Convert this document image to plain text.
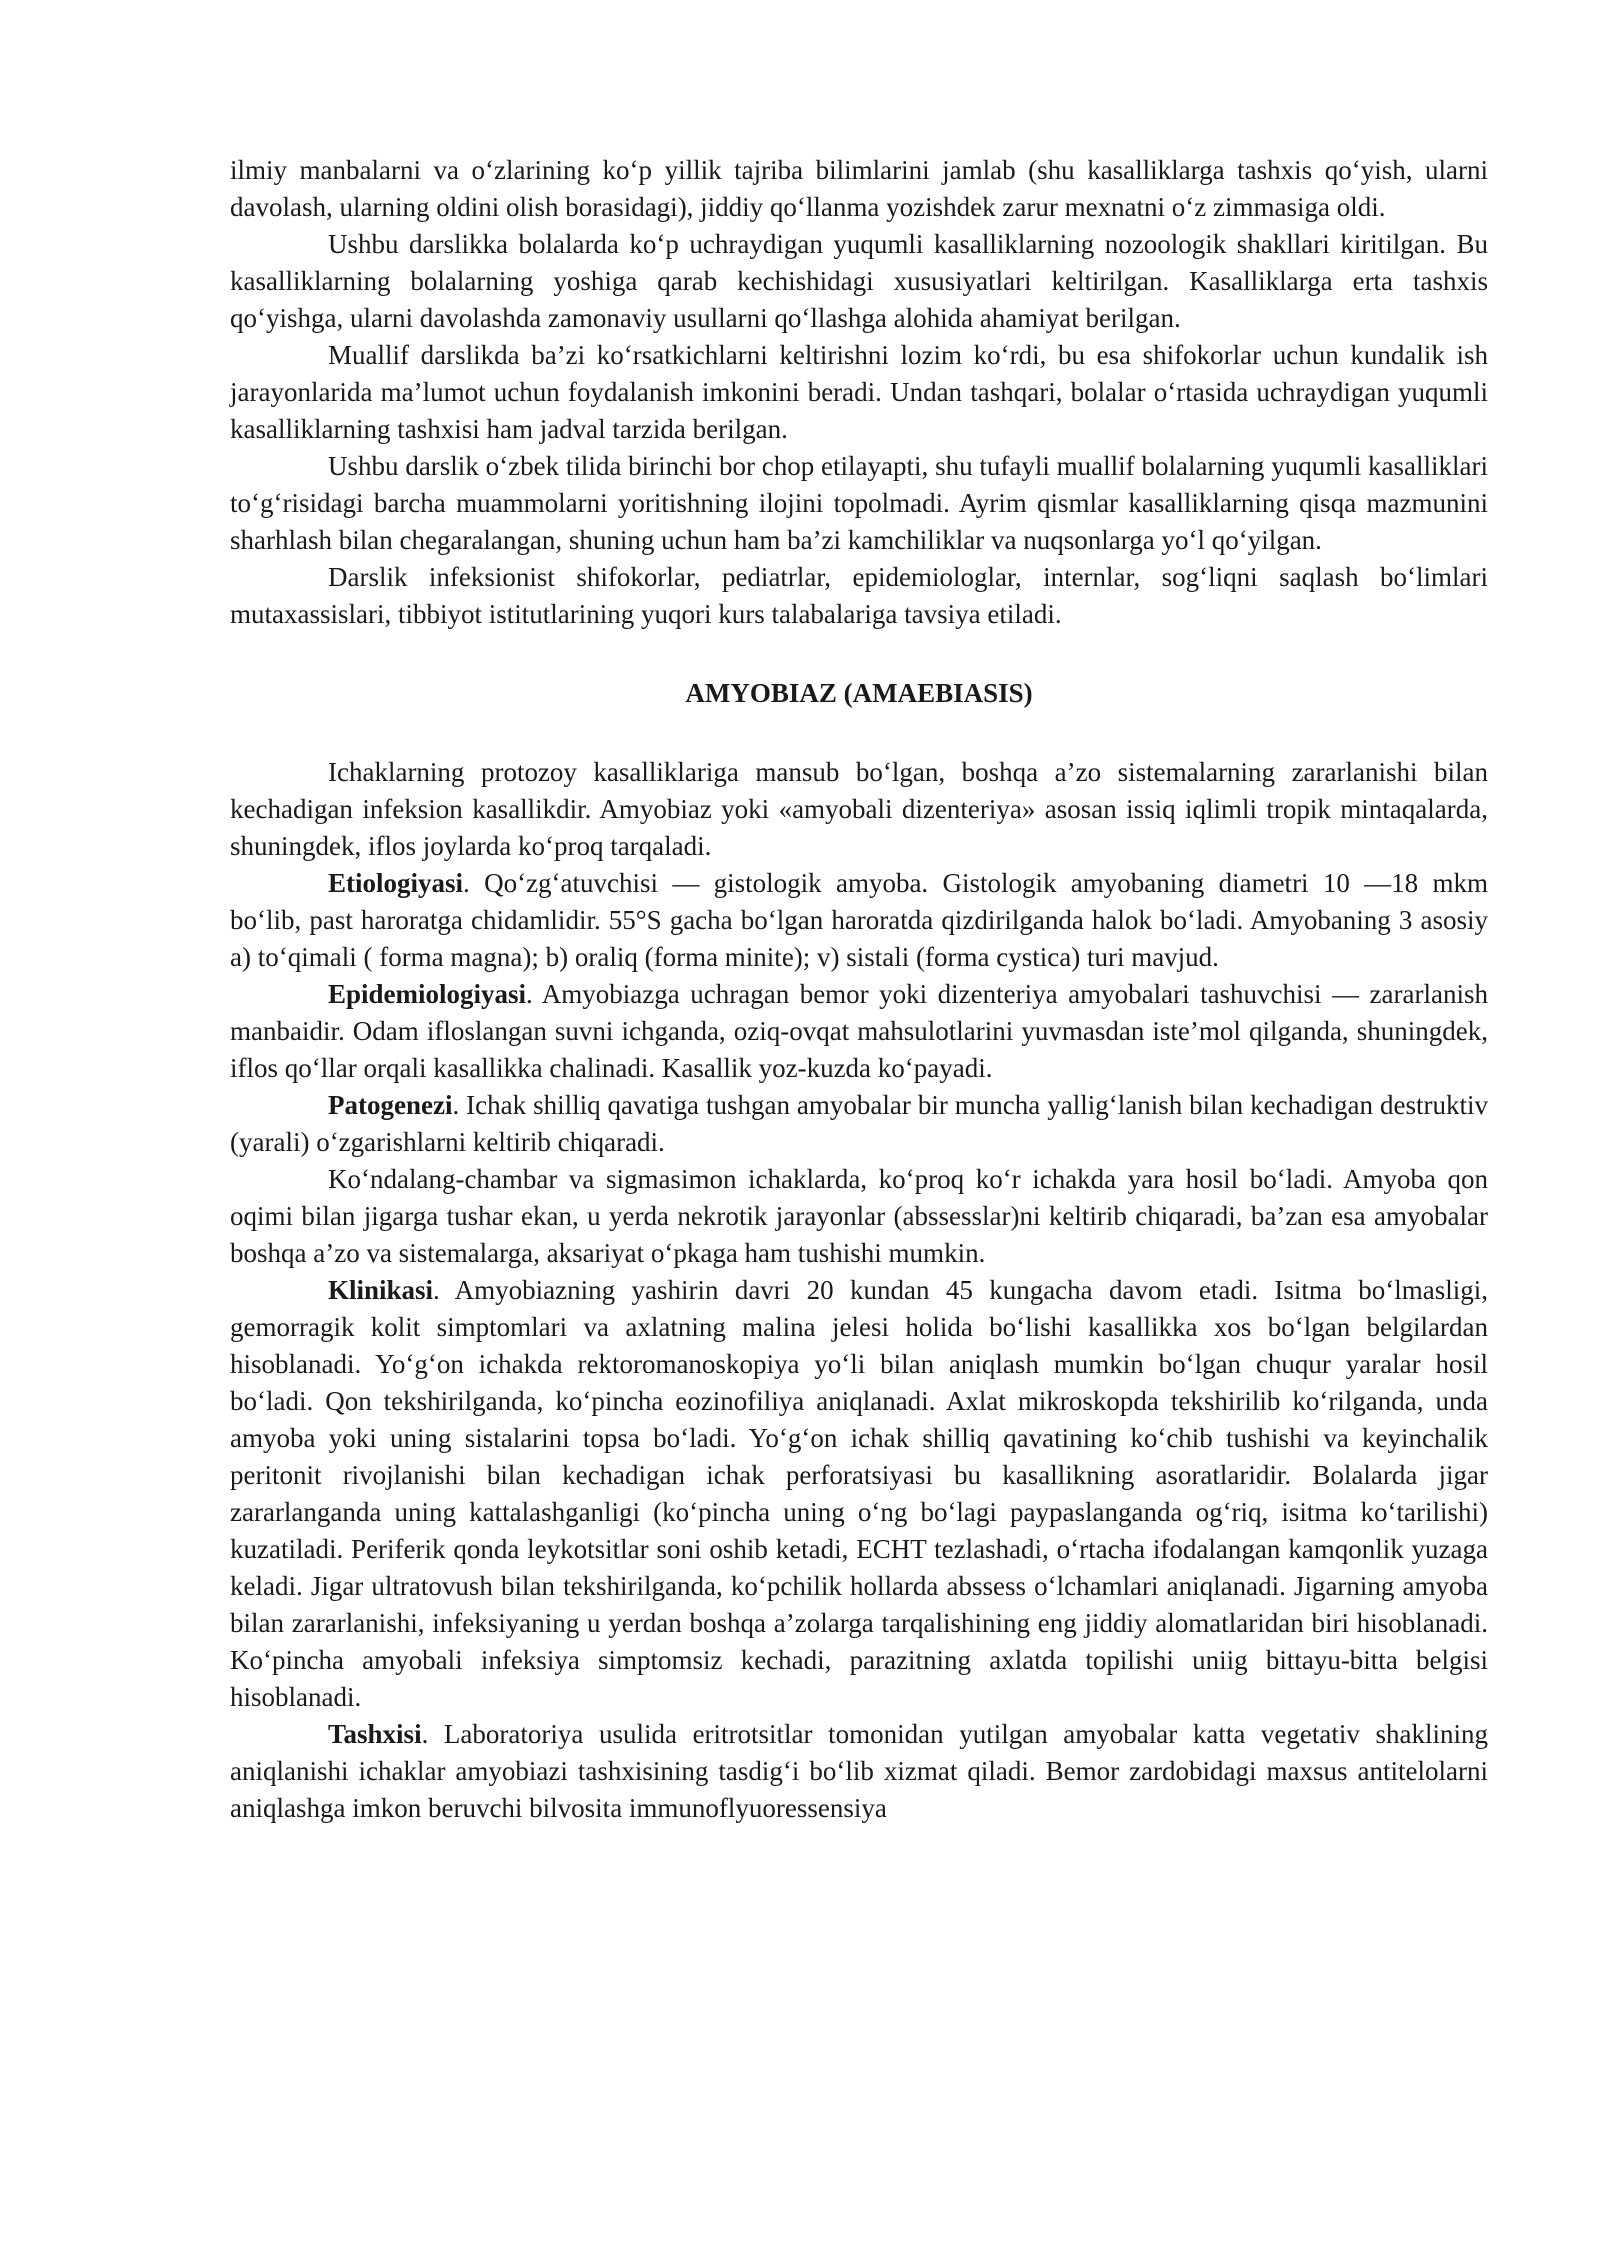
ilmiy manbalarni va o‘zlarining ko‘p yillik tajriba bilimlarini jamlab (shu kasalliklarga tashxis qo‘yish, ularni davolash, ularning oldini olish borasidagi), jiddiy qo‘llanma yozishdek zarur mexnatni o‘z zimmasiga oldi.

Ushbu darslikka bolalarda ko‘p uchraydigan yuqumli kasalliklarning nozoologik shakllari kiritilgan. Bu kasalliklarning bolalarning yoshiga qarab kechishidagi xususiyatlari keltirilgan. Kasalliklarga erta tashxis qo‘yishga, ularni davolashda zamonaviy usullarni qo‘llashga alohida ahamiyat berilgan.

Muallif darslikda ba’zi ko‘rsatkichlarni keltirishni lozim ko‘rdi, bu esa shifokorlar uchun kundalik ish jarayonlarida ma’lumot uchun foydalanish imkonini beradi. Undan tashqari, bolalar o‘rtasida uchraydigan yuqumli kasalliklarning tashxisi ham jadval tarzida berilgan.

Ushbu darslik o‘zbek tilida birinchi bor chop etilayapti, shu tufayli muallif bolalarning yuqumli kasalliklari to‘g‘risidagi barcha muammolarni yoritishning ilojini topolmadi. Ayrim qismlar kasalliklarning qisqa mazmunini sharhlash bilan chegaralangan, shuning uchun ham ba’zi kamchiliklar va nuqsonlarga yo‘l qo‘yilgan.

Darslik infeksionist shifokorlar, pediatrlar, epidemiologlar, internlar, sog‘liqni saqlash bo‘limlari mutaxassislari, tibbiyot istitutlarining yuqori kurs talabalariga tavsiya etiladi.

AMYOBIAZ (AMAEBIASIS)

Ichaklarning protozoy kasalliklariga mansub bo‘lgan, boshqa a’zo sistemalarning zararlanishi bilan kechadigan infeksion kasallikdir. Amyobiaz yoki «amyobali dizenteriya» asosan issiq iqlimli tropik mintaqalarda, shuningdek, iflos joylarda ko‘proq tarqaladi.

Etiologiyasi. Qo‘zg‘atuvchisi — gistologik amyoba. Gistologik amyobaning diametri 10 —18 mkm bo‘lib, past haroratga chidamlidir. 55°S gacha bo‘lgan haroratda qizdirilganda halok bo‘ladi. Amyobaning 3 asosiy a) to‘qimali ( forma magna); b) oraliq (forma minite); v) sistali (forma cystica) turi mavjud.

Epidemiologiyasi. Amyobiazga uchragan bemor yoki dizenteriya amyobalari tashuvchisi — zararlanish manbaidir. Odam ifloslangan suvni ichganda, oziq-ovqat mahsulotlarini yuvmasdan iste’mol qilganda, shuningdek, iflos qo‘llar orqali kasallikka chalinadi. Kasallik yoz-kuzda ko‘payadi.

Patogenezi. Ichak shilliq qavatiga tushgan amyobalar bir muncha yallig‘lanish bilan kechadigan destruktiv (yarali) o‘zgarishlarni keltirib chiqaradi.

Ko‘ndalang-chambar va sigmasimon ichaklarda, ko‘proq ko‘r ichakda yara hosil bo‘ladi. Amyoba qon oqimi bilan jigarga tushar ekan, u yerda nekrotik jarayonlar (abssesslar)ni keltirib chiqaradi, ba’zan esa amyobalar boshqa a’zo va sistemalarga, aksariyat o‘pkaga ham tushishi mumkin.

Klinikasi. Amyobiazning yashirin davri 20 kundan 45 kungacha davom etadi. Isitma bo‘lmasligi, gemorragik kolit simptomlari va axlatning malina jelesi holida bo‘lishi kasallikka xos bo‘lgan belgilardan hisoblanadi. Yo‘g‘on ichakda rektoromanoskopiya yo‘li bilan aniqlash mumkin bo‘lgan chuqur yaralar hosil bo‘ladi. Qon tekshirilganda, ko‘pincha eozinofiliya aniqlanadi. Axlat mikroskopda tekshirilib ko‘rilganda, unda amyoba yoki uning sistalarini topsa bo‘ladi. Yo‘g‘on ichak shilliq qavatining ko‘chib tushishi va keyinchalik peritonit rivojlanishi bilan kechadigan ichak perforatsiyasi bu kasallikning asoratlaridir. Bolalarda jigar zararlanganda uning kattalashganligi (ko‘pincha uning o‘ng bo‘lagi paypaslanganda og‘riq, isitma ko‘tarilishi) kuzatiladi. Periferik qonda leykotsitlar soni oshib ketadi, ECHT tezlashadi, o‘rtacha ifodalangan kamqonlik yuzaga keladi. Jigar ultratovush bilan tekshirilganda, ko‘pchilik hollarda abssess o‘lchamlari aniqlanadi. Jigarning amyoba bilan zararlanishi, infeksiyaning u yerdan boshqa a’zolarga tarqalishining eng jiddiy alomatlaridan biri hisoblanadi. Ko‘pincha amyobali infeksiya simptomsiz kechadi, parazitning axlatda topilishi uniig bittayu-bitta belgisi hisoblanadi.

Tashxisi. Laboratoriya usulida eritrotsitlar tomonidan yutilgan amyobalar katta vegetativ shaklining aniqlanishi ichaklar amyobiazi tashxisining tasdig‘i bo‘lib xizmat qiladi. Bemor zardobidagi maxsus antitelolarni aniqlashga imkon beruvchi bilvosita immunoflyuoressensiya
